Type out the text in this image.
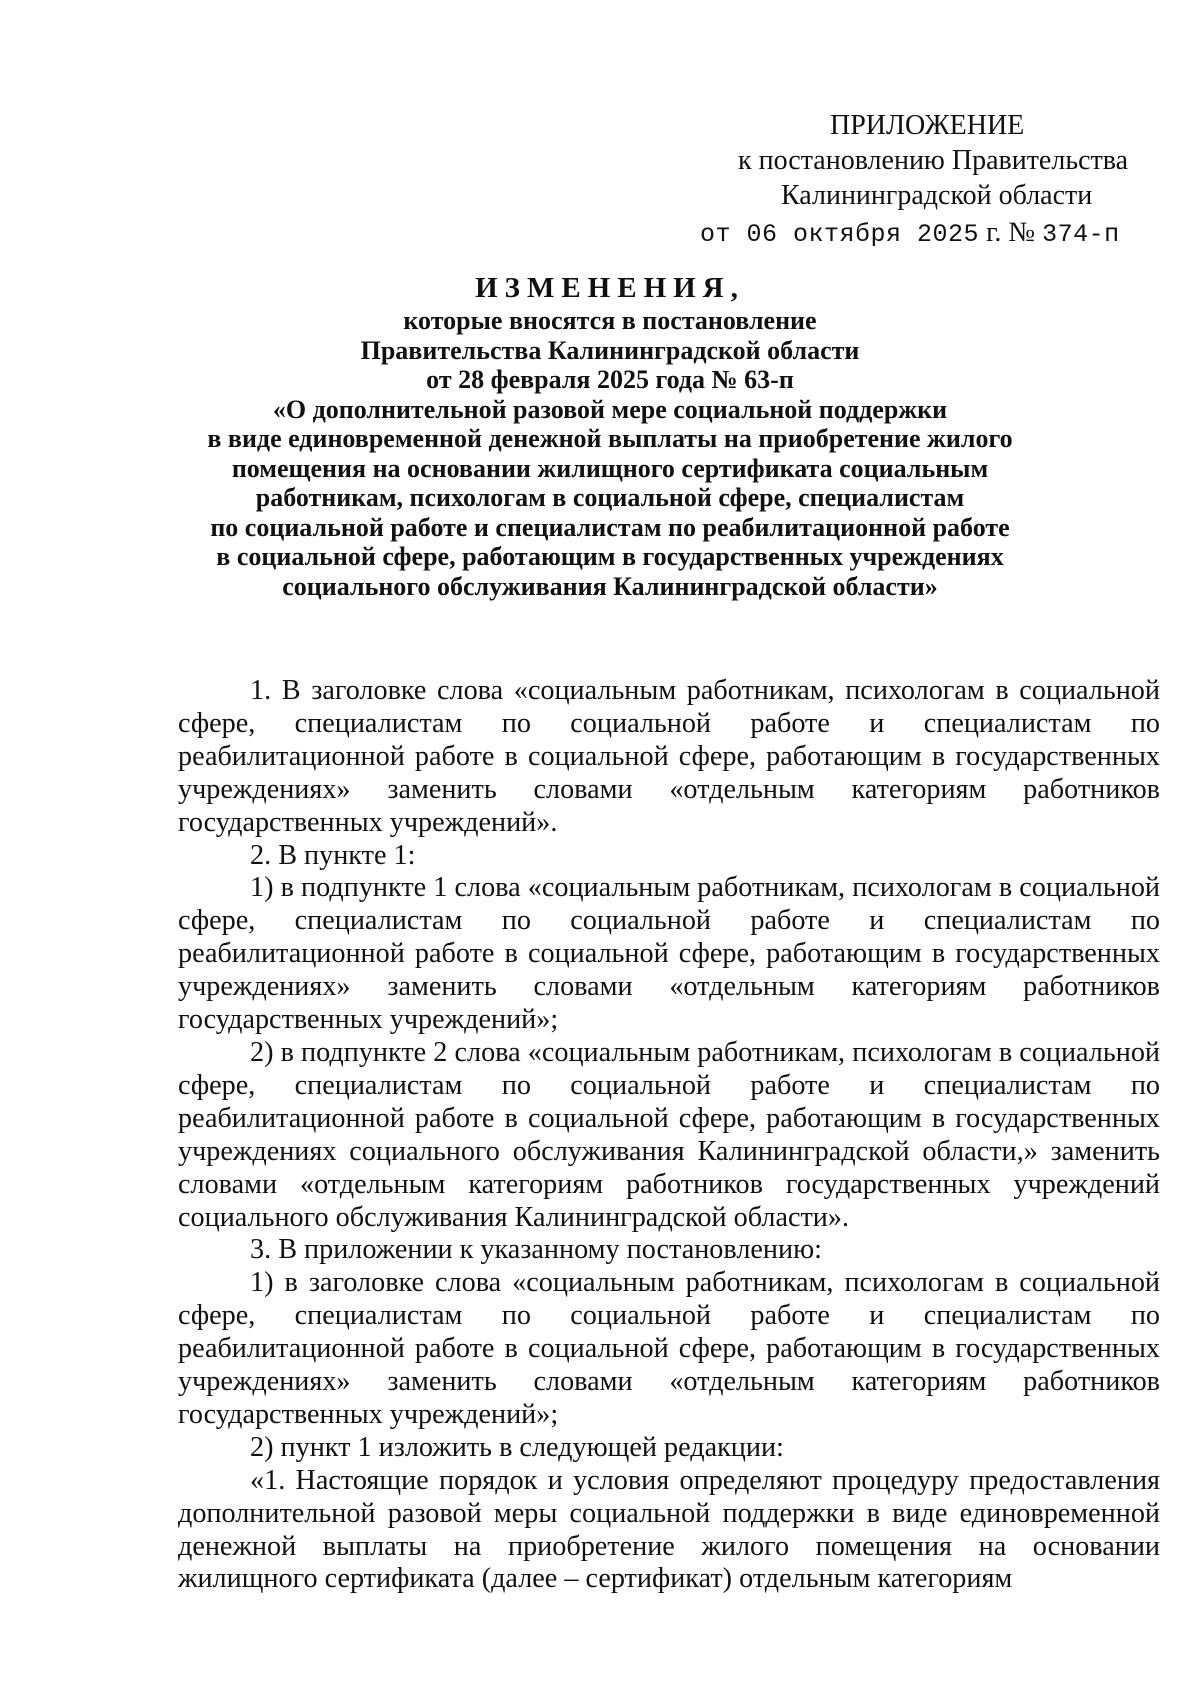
ПРИЛОЖЕНИЕ
к постановлению Правительства
Калининградской области
от 06 октября 2025 г. № 374-п
ИЗМЕНЕНИЯ,
которые вносятся в постановление
Правительства Калининградской области
от 28 февраля 2025 года № 63-п
«О дополнительной разовой мере социальной поддержки
в виде единовременной денежной выплаты на приобретение жилого
помещения на основании жилищного сертификата социальным
работникам, психологам в социальной сфере, специалистам
по социальной работе и специалистам по реабилитационной работе
в социальной сфере, работающим в государственных учреждениях
социального обслуживания Калининградской области»

1. В заголовке слова «социальным работникам, психологам в социальной сфере, специалистам по социальной работе и специалистам по реабилитационной работе в социальной сфере, работающим в государственных учреждениях» заменить словами «отдельным категориям работников государственных учреждений».

2. В пункте 1:

1) в подпункте 1 слова «социальным работникам, психологам в социальной сфере, специалистам по социальной работе и специалистам по реабилитационной работе в социальной сфере, работающим в государственных учреждениях» заменить словами «отдельным категориям работников государственных учреждений»;

2) в подпункте 2 слова «социальным работникам, психологам в социальной сфере, специалистам по социальной работе и специалистам по реабилитационной работе в социальной сфере, работающим в государственных учреждениях социального обслуживания Калининградской области,» заменить словами «отдельным категориям работников государственных учреждений социального обслуживания Калининградской области».

3. В приложении к указанному постановлению:

1) в заголовке слова «социальным работникам, психологам в социальной сфере, специалистам по социальной работе и специалистам по реабилитационной работе в социальной сфере, работающим в государственных учреждениях» заменить словами «отдельным категориям работников государственных учреждений»;

2) пункт 1 изложить в следующей редакции:

«1. Настоящие порядок и условия определяют процедуру предоставления дополнительной разовой меры социальной поддержки в виде единовременной денежной выплаты на приобретение жилого помещения на основании жилищного сертификата (далее – сертификат) отдельным категориям
